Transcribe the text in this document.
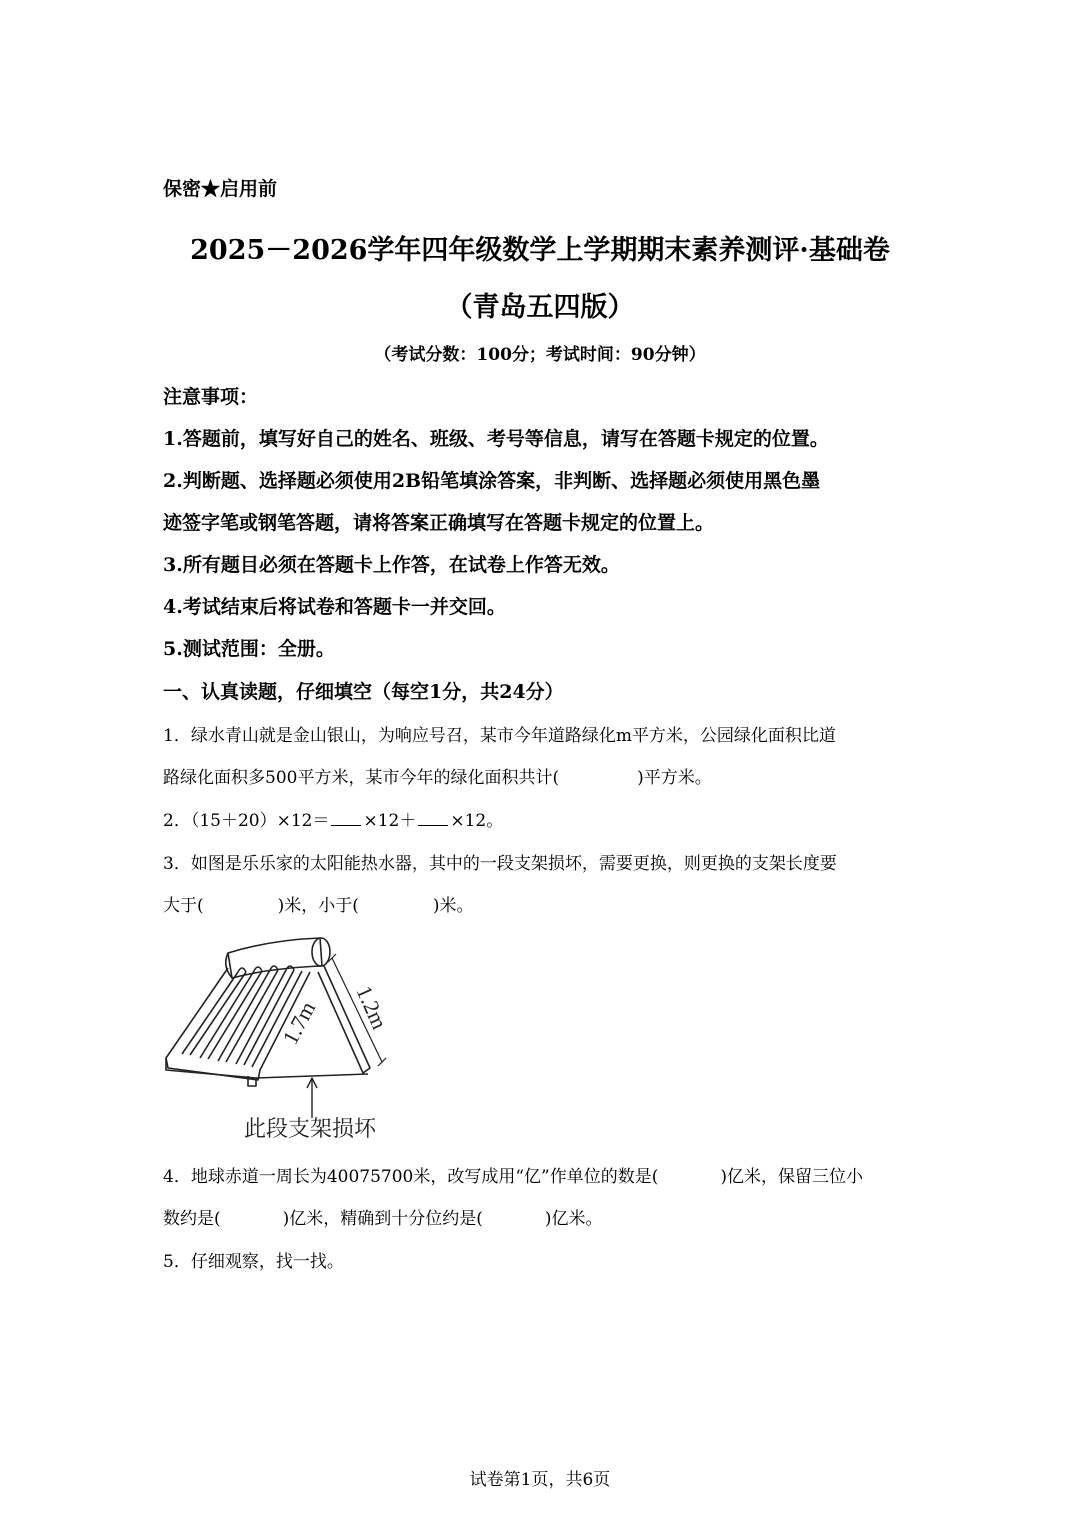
保密★启用前
2025－2026学年四年级数学上学期期末素养测评·基础卷
（青岛五四版）
（考试分数：100分；考试时间：90分钟）
注意事项：
1.答题前，填写好自己的姓名、班级、考号等信息，请写在答题卡规定的位置。
2.判断题、选择题必须使用2B铅笔填涂答案，非判断、选择题必须使用黑色墨
迹签字笔或钢笔答题，请将答案正确填写在答题卡规定的位置上。
3.所有题目必须在答题卡上作答，在试卷上作答无效。
4.考试结束后将试卷和答题卡一并交回。
5.测试范围：全册。
一、认真读题，仔细填空（每空1分，共24分）
1．绿水青山就是金山银山，为响应号召，某市今年道路绿化m平方米，公园绿化面积比道
路绿化面积多500平方米，某市今年的绿化面积共计(	)平方米。
2．（15＋20）×12＝ ×12＋ ×12。
3．如图是乐乐家的太阳能热水器，其中的一段支架损坏，需要更换，则更换的支架长度要
大于(	)米，小于(	)米。
1.7m 1.2m
此段支架损坏
4．地球赤道一周长为40075700米，改写成用“亿”作单位的数是(	)亿米，保留三位小
数约是(	)亿米，精确到十分位约是(	)亿米。
5．仔细观察，找一找。
试卷第1页，共6页
